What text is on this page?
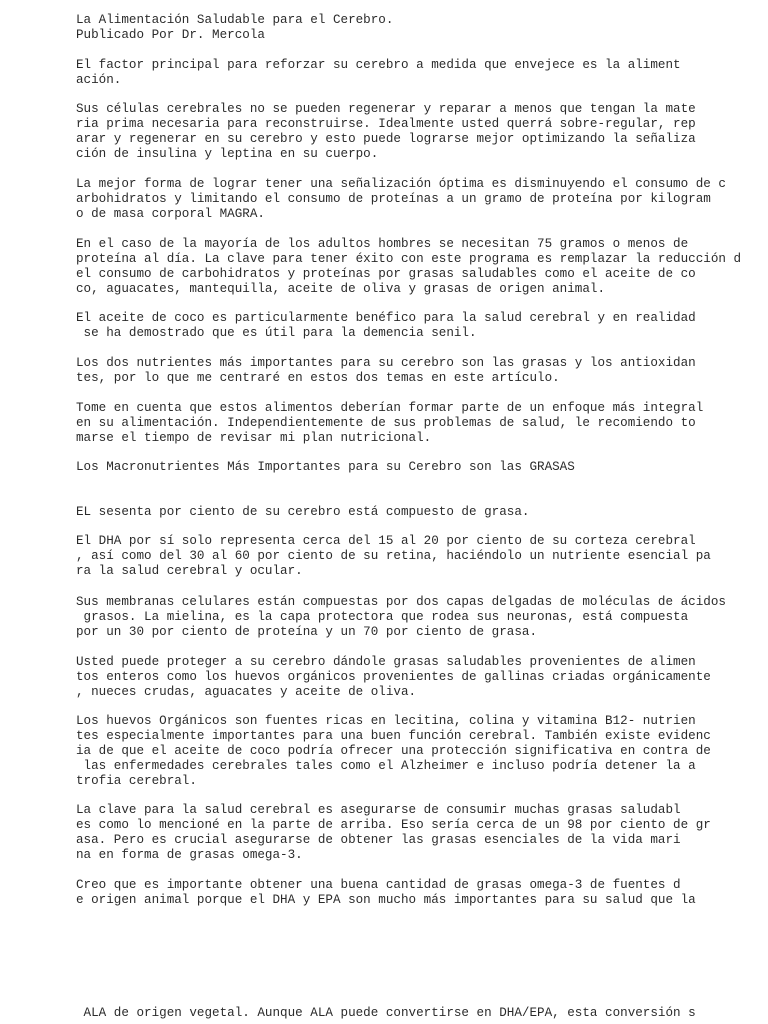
La Alimentación Saludable para el Cerebro.
Publicado Por Dr. Mercola
El factor principal para reforzar su cerebro a medida que envejece es la aliment
ación.
Sus células cerebrales no se pueden regenerar y reparar a menos que tengan la mate
ria prima necesaria para reconstruirse. Idealmente usted querrá sobre-regular, rep
arar y regenerar en su cerebro y esto puede lograrse mejor optimizando la señaliza
ción de insulina y leptina en su cuerpo.
La mejor forma de lograr tener una señalización óptima es disminuyendo el consumo de c
arbohidratos y limitando el consumo de proteínas a un gramo de proteína por kilogram
o de masa corporal MAGRA.
En el caso de la mayoría de los adultos hombres se necesitan 75 gramos o menos de
proteína al día. La clave para tener éxito con este programa es remplazar la reducción d
el consumo de carbohidratos y proteínas por grasas saludables como el aceite de co
co, aguacates, mantequilla, aceite de oliva y grasas de origen animal.
El aceite de coco es particularmente benéfico para la salud cerebral y en realidad
se ha demostrado que es útil para la demencia senil.
Los dos nutrientes más importantes para su cerebro son las grasas y los antioxidan
tes, por lo que me centraré en estos dos temas en este artículo.
Tome en cuenta que estos alimentos deberían formar parte de un enfoque más integral
en su alimentación. Independientemente de sus problemas de salud, le recomiendo to
marse el tiempo de revisar mi plan nutricional.
Los Macronutrientes Más Importantes para su Cerebro son las GRASAS
EL sesenta por ciento de su cerebro está compuesto de grasa.
El DHA por sí solo representa cerca del 15 al 20 por ciento de su corteza cerebral
, así como del 30 al 60 por ciento de su retina, haciéndolo un nutriente esencial pa
ra la salud cerebral y ocular.
Sus membranas celulares están compuestas por dos capas delgadas de moléculas de ácidos
grasos. La mielina, es la capa protectora que rodea sus neuronas, está compuesta
por un 30 por ciento de proteína y un 70 por ciento de grasa.
Usted puede proteger a su cerebro dándole grasas saludables provenientes de alimen
tos enteros como los huevos orgánicos provenientes de gallinas criadas orgánicamente
, nueces crudas, aguacates y aceite de oliva.
Los huevos Orgánicos son fuentes ricas en lecitina, colina y vitamina B12- nutrien
tes especialmente importantes para una buen función cerebral. También existe evidenc
ia de que el aceite de coco podría ofrecer una protección significativa en contra de
las enfermedades cerebrales tales como el Alzheimer e incluso podría detener la a
trofia cerebral.
La clave para la salud cerebral es asegurarse de consumir muchas grasas saludabl
es como lo mencioné en la parte de arriba. Eso sería cerca de un 98 por ciento de gr
asa. Pero es crucial asegurarse de obtener las grasas esenciales de la vida mari
na en forma de grasas omega-3.
Creo que es importante obtener una buena cantidad de grasas omega-3 de fuentes d
e origen animal porque el DHA y EPA son mucho más importantes para su salud que la
ALA de origen vegetal. Aunque ALA puede convertirse en DHA/EPA, esta conversión s
